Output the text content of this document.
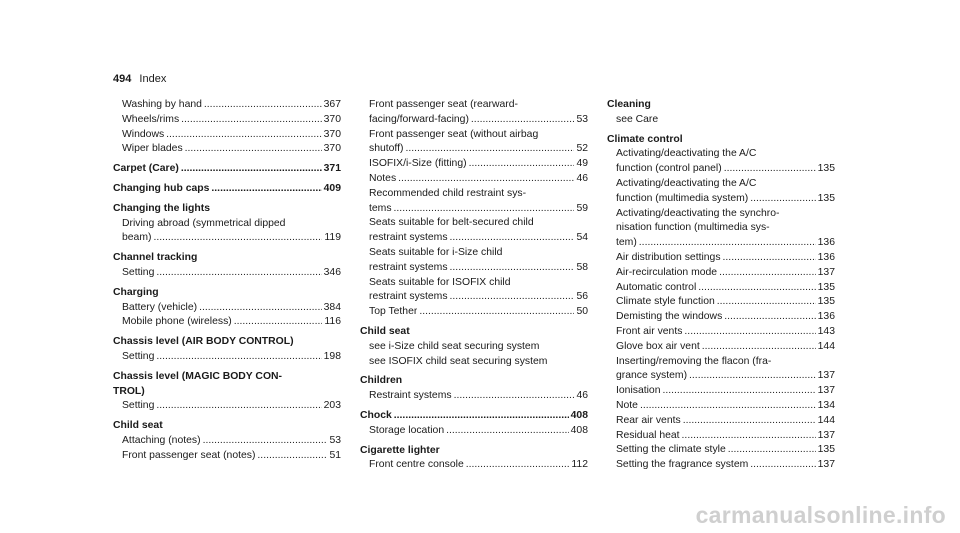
494 Index
Washing by hand .....	367
Wheels/rims .....	370
Windows .....	370
Wiper blades .....	370
Carpet (Care) .....	371
Changing hub caps .....	409
Changing the lights
Driving abroad (symmetrical dipped
beam) .....	119
Channel tracking
Setting .....	346
Charging
Battery (vehicle) .....	384
Mobile phone (wireless) .....	116
Chassis level (AIR BODY CONTROL)
Setting .....	198
Chassis level (MAGIC BODY CON-
TROL)
Setting .....	203
Child seat
Attaching (notes) .....	53
Front passenger seat (notes) .....	51
Front passenger seat (rearward-
facing/forward-facing) .....	53
Front passenger seat (without airbag
shutoff) .....	52
ISOFIX/i-Size (fitting) .....	49
Notes .....	46
Recommended child restraint sys-
tems .....	59
Seats suitable for belt-secured child
restraint systems .....	54
Seats suitable for i-Size child
restraint systems .....	58
Seats suitable for ISOFIX child
restraint systems .....	56
Top Tether .....	50
Child seat
see i-Size child seat securing system
see ISOFIX child seat securing system
Children
Restraint systems .....	46
Chock .....	408
Storage location .....	408
Cigarette lighter
Front centre console .....	112
Cleaning
see Care
Climate control
Activating/deactivating the A/C
function (control panel) .....	135
Activating/deactivating the A/C
function (multimedia system) .....	135
Activating/deactivating the synchro-
nisation function (multimedia sys-
tem) .....	136
Air distribution settings .....	136
Air-recirculation mode .....	137
Automatic control .....	135
Climate style function .....	135
Demisting the windows .....	136
Front air vents .....	143
Glove box air vent .....	144
Inserting/removing the flacon (fra-
grance system) .....	137
Ionisation .....	137
Note .....	134
Rear air vents .....	144
Residual heat .....	137
Setting the climate style .....	135
Setting the fragrance system .....	137
carmanualsonline.info
